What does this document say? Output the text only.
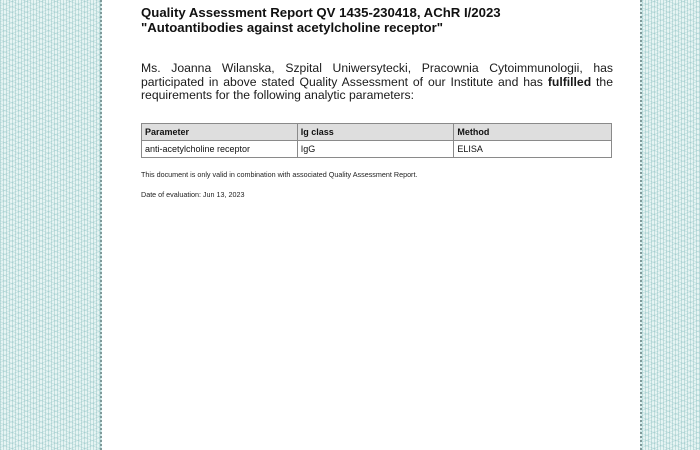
Quality Assessment Report QV 1435-230418, AChR I/2023
"Autoantibodies against acetylcholine receptor"
Ms. Joanna Wilanska, Szpital Uniwersytecki, Pracownia Cytoimmunologii, has participated in above stated Quality Assessment of our Institute and has fulfilled the requirements for the following analytic parameters:
Parameter	Ig class	Method
anti-acetylcholine receptor	IgG	ELISA
This document is only valid in combination with associated Quality Assessment Report.
Date of evaluation: Jun 13, 2023
